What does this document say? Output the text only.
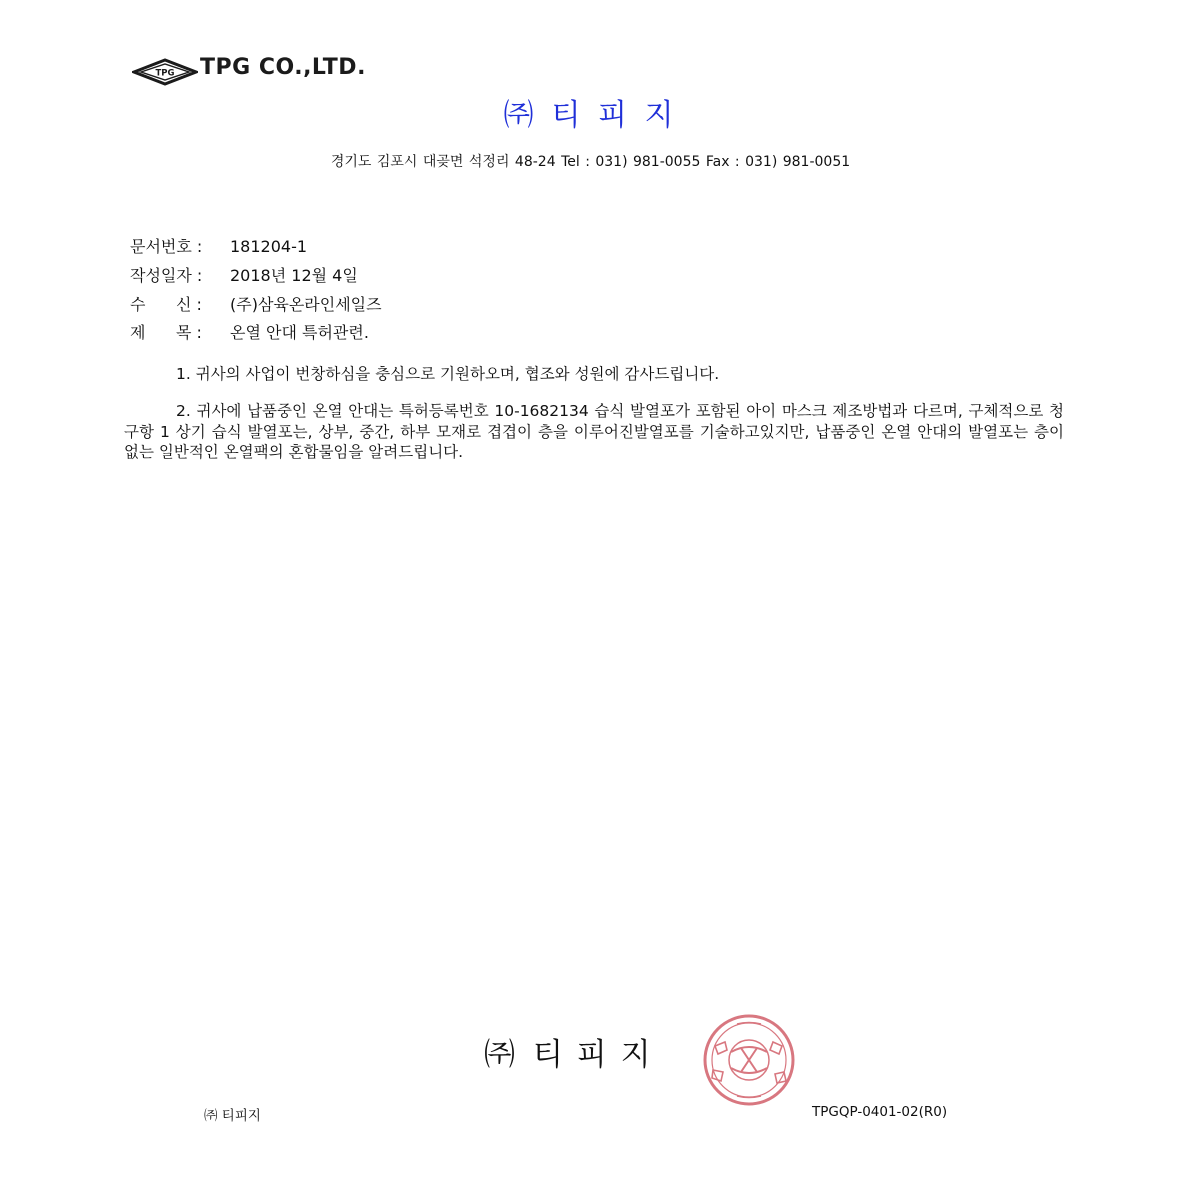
TPG TPG CO.,LTD.
㈜ 티 피 지
경기도 김포시 대곶면 석정리 48-24 Tel : 031) 981-0055 Fax : 031) 981-0051
문서번호 : 181204-1
작성일자 : 2018년 12월 4일
수      신 : (주)삼육온라인세일즈
제      목 : 온열 안대 특허관련.
1. 귀사의 사업이 번창하심을 충심으로 기원하오며, 협조와 성원에 감사드립니다.
2. 귀사에 납품중인 온열 안대는 특허등록번호 10-1682134 습식 발열포가 포함된 아이 마스크 제조방법과 다르며, 구체적으로 청구항 1 상기 습식 발열포는, 상부, 중간, 하부 모재로 겹겹이 층을 이루어진발열포를 기술하고있지만, 납품중인 온열 안대의 발열포는 층이 없는 일반적인 온열팩의 혼합물임을 알려드립니다.
㈜ 티 피 지
㈜ 티피지	TPGQP-0401-02(R0)
